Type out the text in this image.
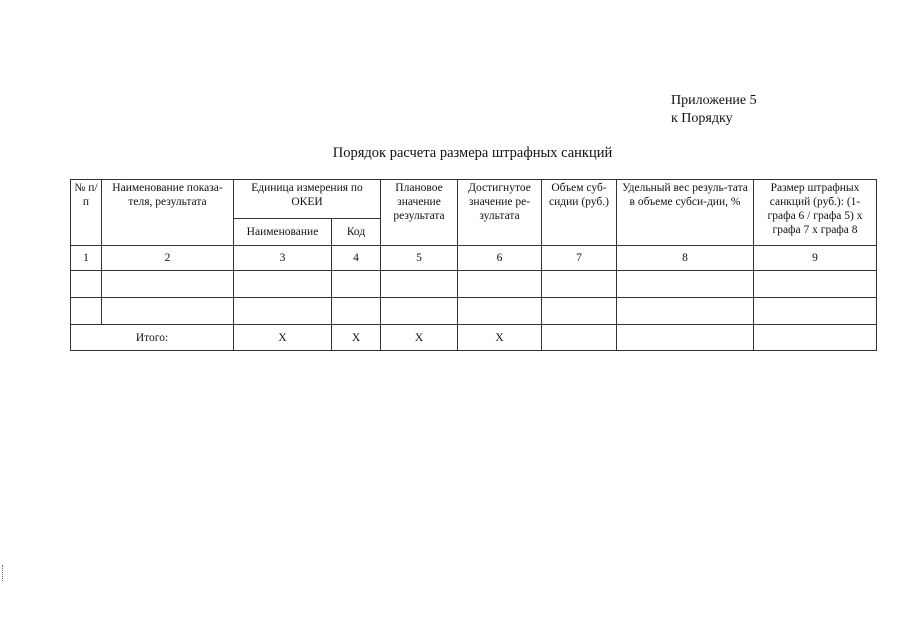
Приложение 5
к Порядку
Порядок расчета размера штрафных санкций
№ п/п	Наименование показа-теля, результата	Единица измерения по ОКЕИ		Плановое значение результата	Достигнутое значение ре-зультата	Объем суб-сидии (руб.)	Удельный вес резуль-тата в объеме субси-дии, %	Размер штрафных санкций (руб.): (1-графа 6 / графа 5) x графа 7 x графа 8
		Наименование	Код					
1	2	3	4	5	6	7	8	9

Итого:		X	X	X	X			
